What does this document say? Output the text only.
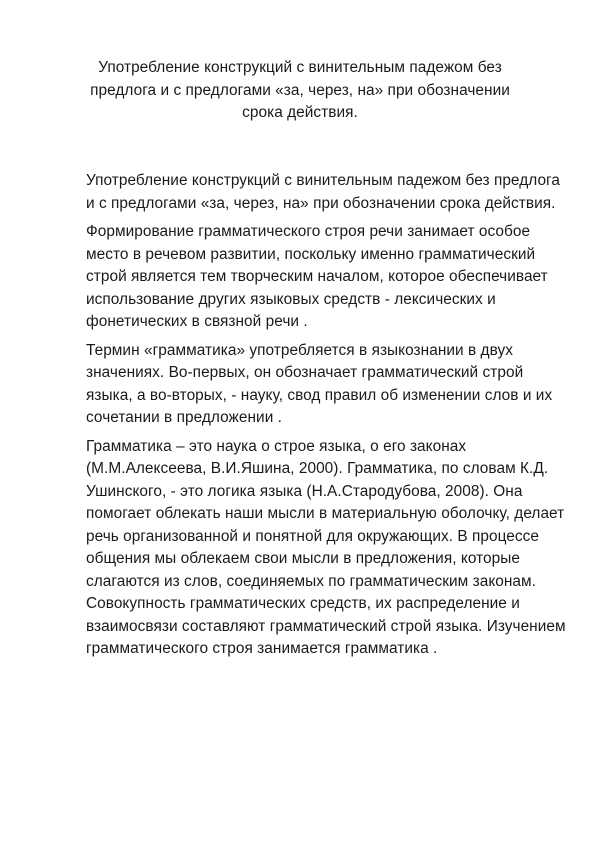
Употребление конструкций с винительным падежом без предлога и с предлогами «за, через, на» при обозначении срока действия.

Употребление конструкций с винительным падежом без предлога и с предлогами «за, через, на» при обозначении срока действия.

Формирование грамматического строя речи занимает особое место в речевом развитии, поскольку именно грамматический строй является тем творческим началом, которое обеспечивает использование других языковых средств - лексических и фонетических в связной речи .

Термин «грамматика» употребляется в языкознании в двух значениях. Во-первых, он обозначает грамматический строй языка, а во-вторых, - науку, свод правил об изменении слов и их сочетании в предложении .

Грамматика – это наука о строе языка, о его законах (М.М.Алексеева, В.И.Яшина, 2000). Грамматика, по словам К.Д. Ушинского, - это логика языка (Н.А.Стародубова, 2008). Она помогает облекать наши мысли в материальную оболочку, делает речь организованной и понятной для окружающих. В процессе общения мы облекаем свои мысли в предложения, которые слагаются из слов, соединяемых по грамматическим законам. Совокупность грамматических средств, их распределение и взаимосвязи составляют грамматический строй языка. Изучением грамматического строя занимается грамматика .
